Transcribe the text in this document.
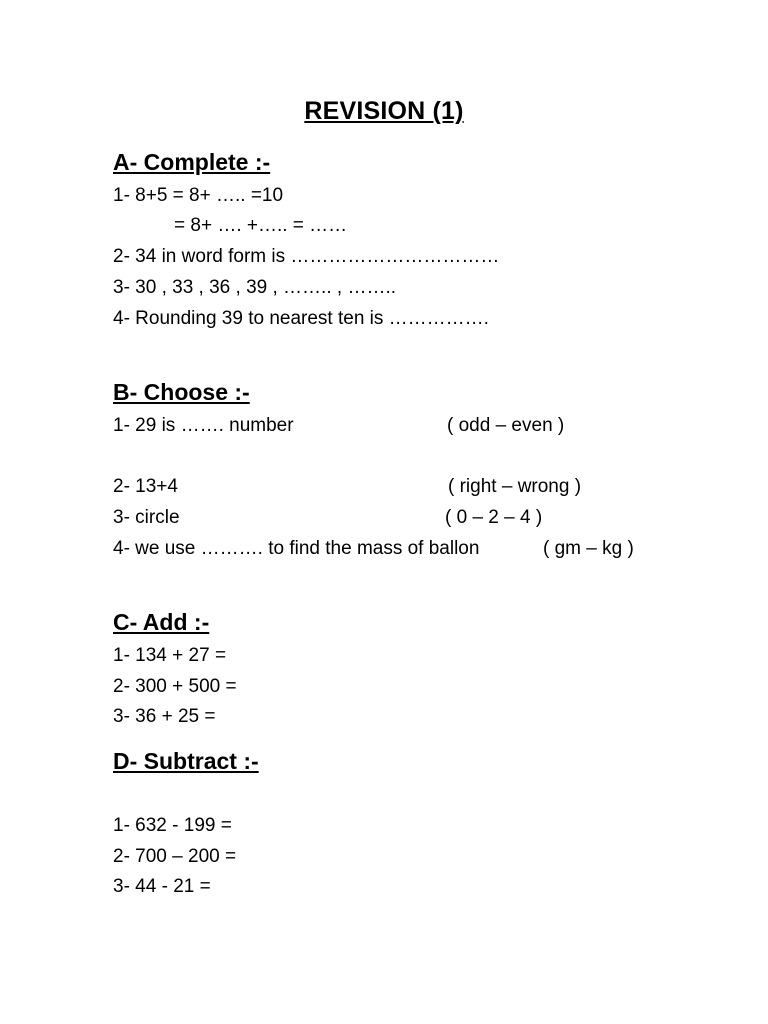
REVISION (1)
A- Complete :-
1- 8+5 = 8+ ….. =10
= 8+ …. +….. = ……
2- 34 in word form is ……………………………
3- 30 , 33 , 36 , 39 , …….. , ……..
4- Rounding 39 to nearest ten is …………….
B- Choose :-
1- 29 is ……. number	( odd – even )
2- 13+4	( right – wrong )
3- circle	( 0 – 2 – 4 )
4- we use ………. to find the mass of ballon	( gm – kg )
C- Add :-
1- 134 + 27 =
2- 300 + 500 =
3- 36 + 25 =
D- Subtract :-
1- 632 - 199 =
2- 700 – 200 =
3- 44 - 21 =
